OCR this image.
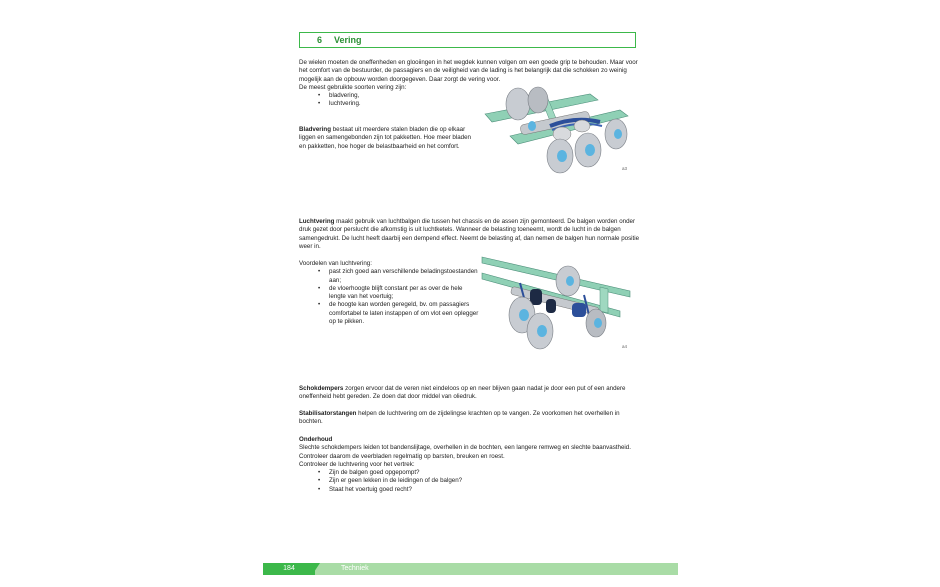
6	Vering

De wielen moeten de oneffenheden en glooiingen in het wegdek kunnen volgen om een goede grip te behouden. Maar voor het comfort van de bestuurder, de passagiers en de veiligheid van de lading is het belangrijk dat die schokken zo weinig mogelijk aan de opbouw worden doorgegeven. Daar zorgt de vering voor.

De meest gebruikte soorten vering zijn:

• bladvering,
• luchtvering.

Bladvering bestaat uit meerdere stalen bladen die op elkaar liggen en samengebonden zijn tot pakketten. Hoe meer bladen en pakketten, hoe hoger de belastbaarheid en het comfort.

a3

Luchtvering maakt gebruik van luchtbalgen die tussen het chassis en de assen zijn gemonteerd. De balgen worden onder druk gezet door perslucht die afkomstig is uit luchtketels. Wanneer de belasting toeneemt, wordt de lucht in de balgen samengedrukt. De lucht heeft daarbij een dempend effect. Neemt de belasting af, dan nemen de balgen hun normale positie weer in.

Voordelen van luchtvering:

• past zich goed aan verschillende beladingstoestanden aan;
• de vloerhoogte blijft constant per as over de hele lengte van het voertuig;
• de hoogte kan worden geregeld, bv. om passagiers comfortabel te laten instappen of om vlot een oplegger op te pikken.
a4

Schokdempers zorgen ervoor dat de veren niet eindeloos op en neer blijven gaan nadat je door een put of een andere oneffenheid hebt gereden. Ze doen dat door middel van oliedruk.

Stabilisatorstangen helpen de luchtvering om de zijdelingse krachten op te vangen. Ze voorkomen het overhellen in bochten.

Onderhoud

Slechte schokdempers leiden tot bandenslijtage, overhellen in de bochten, een langere remweg en slechte baanvastheid.

Controleer daarom de veerbladen regelmatig op barsten, breuken en roest.

Controleer de luchtvering voor het vertrek:

• Zijn de balgen goed opgepompt?
• Zijn er geen lekken in de leidingen of de balgen?
• Staat het voertuig goed recht?
184	Techniek
